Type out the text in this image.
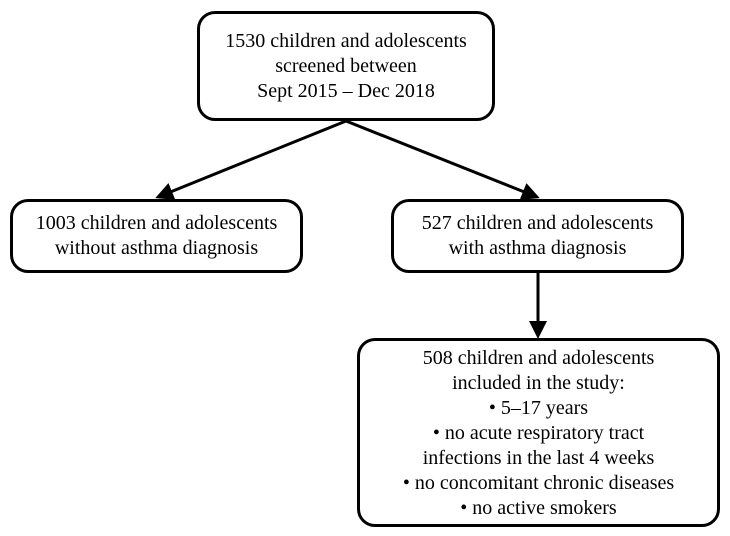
1530 children and adolescents
screened between
Sept 2015 – Dec 2018
1003 children and adolescents
without asthma diagnosis
527 children and adolescents
with asthma diagnosis
508 children and adolescents
included in the study:
• 5–17 years
• no acute respiratory tract
infections in the last 4 weeks
• no concomitant chronic diseases
• no active smokers
